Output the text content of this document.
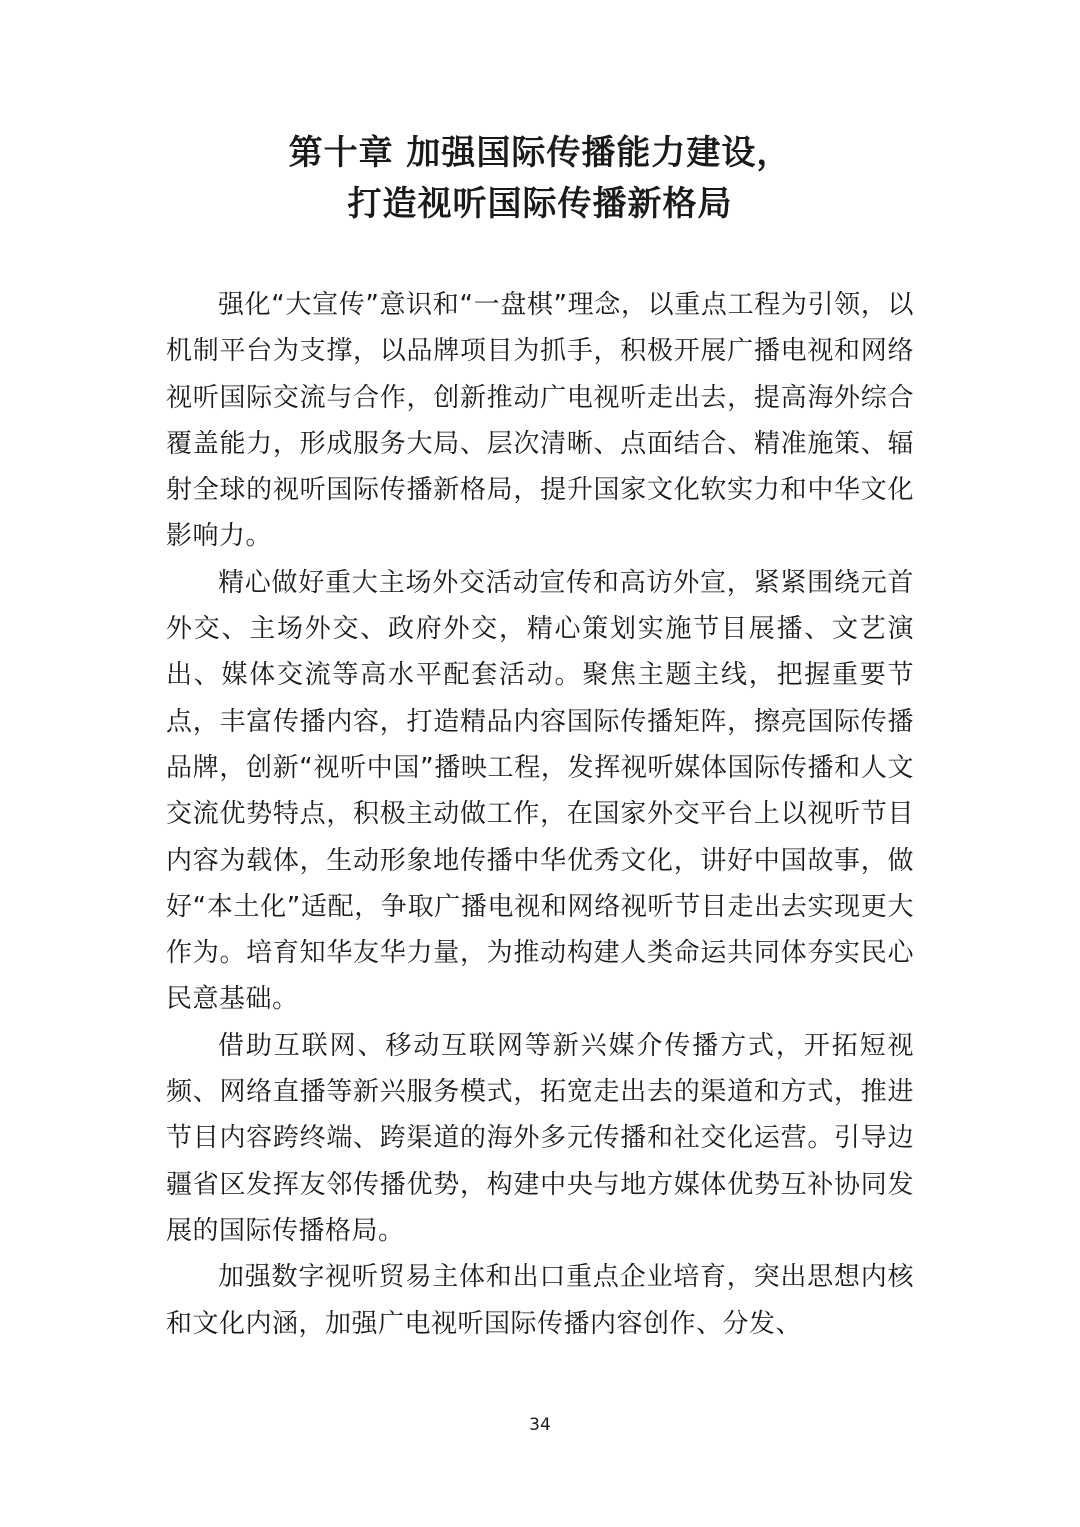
第十章 加强国际传播能力建设，
打造视听国际传播新格局

强化“大宣传”意识和“一盘棋”理念，以重点工程为引领，以机制平台为支撑，以品牌项目为抓手，积极开展广播电视和网络视听国际交流与合作，创新推动广电视听走出去，提高海外综合覆盖能力，形成服务大局、层次清晰、点面结合、精准施策、辐射全球的视听国际传播新格局，提升国家文化软实力和中华文化影响力。

精心做好重大主场外交活动宣传和高访外宣，紧紧围绕元首外交、主场外交、政府外交，精心策划实施节目展播、文艺演出、媒体交流等高水平配套活动。聚焦主题主线，把握重要节点，丰富传播内容，打造精品内容国际传播矩阵，擦亮国际传播品牌，创新“视听中国”播映工程，发挥视听媒体国际传播和人文交流优势特点，积极主动做工作，在国家外交平台上以视听节目内容为载体，生动形象地传播中华优秀文化，讲好中国故事，做好“本土化”适配，争取广播电视和网络视听节目走出去实现更大作为。培育知华友华力量，为推动构建人类命运共同体夯实民心民意基础。

借助互联网、移动互联网等新兴媒介传播方式，开拓短视频、网络直播等新兴服务模式，拓宽走出去的渠道和方式，推进节目内容跨终端、跨渠道的海外多元传播和社交化运营。引导边疆省区发挥友邻传播优势，构建中央与地方媒体优势互补协同发展的国际传播格局。

加强数字视听贸易主体和出口重点企业培育，突出思想内核和文化内涵，加强广电视听国际传播内容创作、分发、

34
